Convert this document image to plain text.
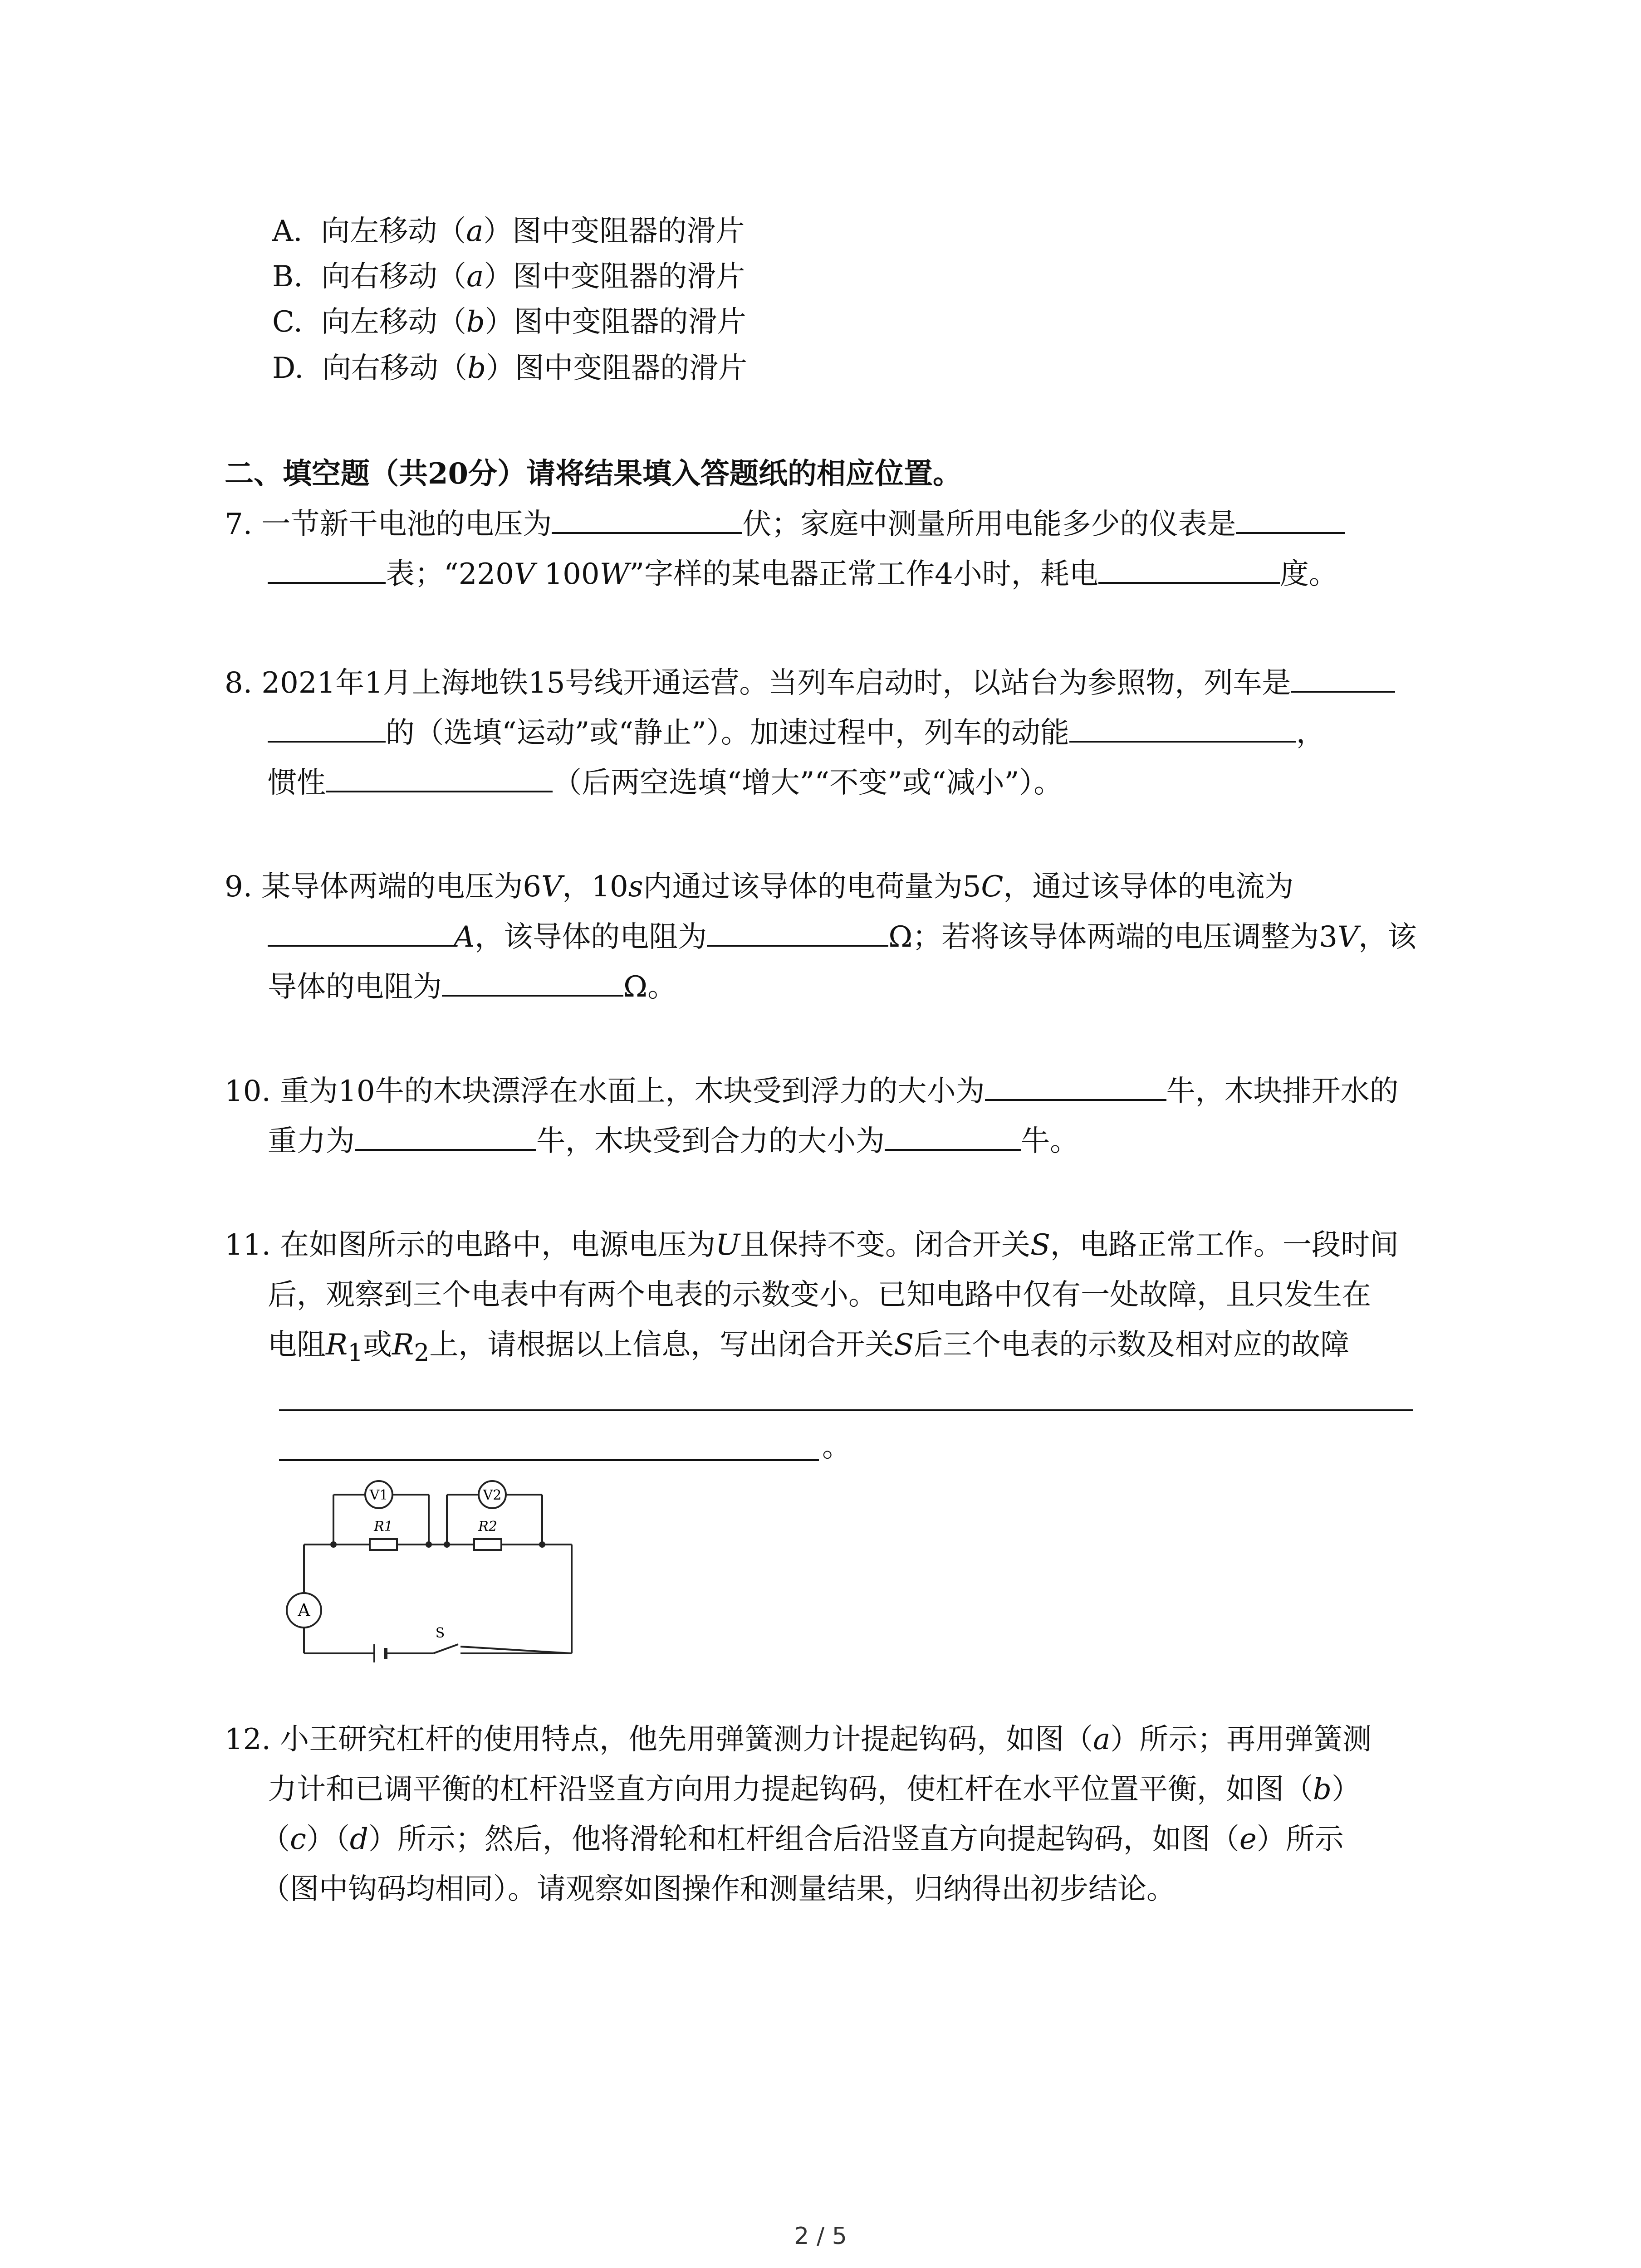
A. 向左移动（a）图中变阻器的滑片
B. 向右移动（a）图中变阻器的滑片
C. 向左移动（b）图中变阻器的滑片
D. 向右移动（b）图中变阻器的滑片
二、填空题（共20分）请将结果填入答题纸的相应位置。
7. 一节新干电池的电压为	伏；家庭中测量所用电能多少的仪表是
表；“220V 100W”字样的某电器正常工作4小时，耗电	度。
8. 2021年1月上海地铁15号线开通运营。当列车启动时，以站台为参照物，列车是
的（选填“运动”或“静止”）。加速过程中，列车的动能	，
惯性	（后两空选填“增大”“不变”或“减小”）。
9. 某导体两端的电压为6V，10s内通过该导体的电荷量为5C，通过该导体的电流为
A，该导体的电阻为	Ω；若将该导体两端的电压调整为3V，该
导体的电阻为	Ω。
10. 重为10牛的木块漂浮在水面上，木块受到浮力的大小为	牛，木块排开水的
重力为	牛，木块受到合力的大小为	牛。
11. 在如图所示的电路中，电源电压为U且保持不变。闭合开关S，电路正常工作。一段时间
后，观察到三个电表中有两个电表的示数变小。已知电路中仅有一处故障，且只发生在
电阻$R_1$或$R_2$上，请根据以上信息，写出闭合开关S后三个电表的示数及相对应的故障
。
V1	V2
R1	R2
A
S
12. 小王研究杠杆的使用特点，他先用弹簧测力计提起钩码，如图（a）所示；再用弹簧测
力计和已调平衡的杠杆沿竖直方向用力提起钩码，使杠杆在水平位置平衡，如图（b）
（c）（d）所示；然后，他将滑轮和杠杆组合后沿竖直方向提起钩码，如图（e）所示
（图中钩码均相同）。请观察如图操作和测量结果，归纳得出初步结论。
2 / 5
